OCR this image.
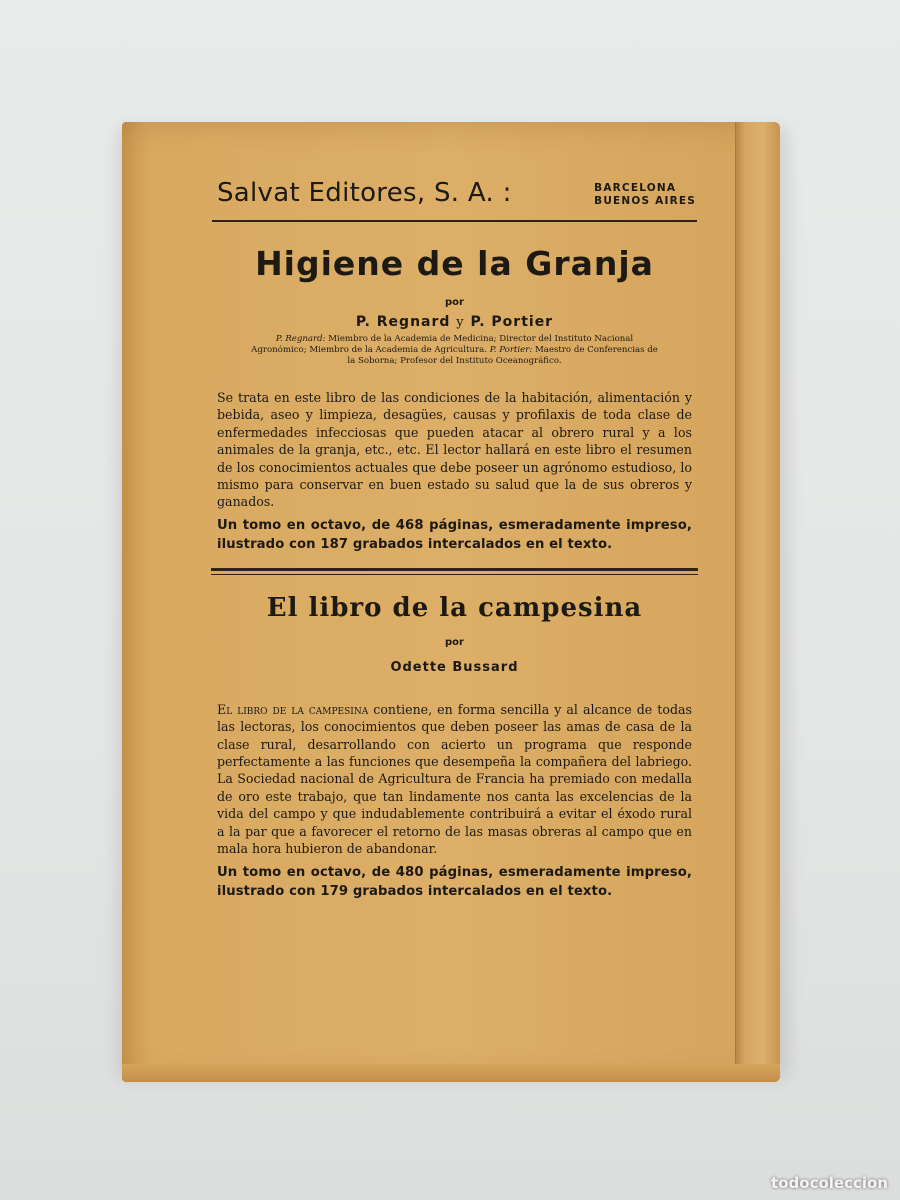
Salvat Editores, S. A. :	BARCELONA
BUENOS AIRES
Higiene de la Granja
por
P. Regnard y P. Portier
P. Regnard: Miembro de la Academia de Medicina; Director del Instituto Nacional Agronómico; Miembro de la Academia de Agricultura. P. Portier: Maestro de Conferencias de la Soborna; Profesor del Instituto Oceanográfico.
Se trata en este libro de las condiciones de la habitación, alimentación y bebida, aseo y limpieza, desagües, causas y profilaxis de toda clase de enfermedades infecciosas que pueden atacar al obrero rural y a los animales de la granja, etc., etc. El lector hallará en este libro el resumen de los conocimientos actuales que debe poseer un agrónomo estudioso, lo mismo para conservar en buen estado su salud que la de sus obreros y ganados.
Un tomo en octavo, de 468 páginas, esmeradamente impreso, ilustrado con 187 grabados intercalados en el texto.
El libro de la campesina
por
Odette Bussard
El libro de la campesina contiene, en forma sencilla y al alcance de todas las lectoras, los conocimientos que deben poseer las amas de casa de la clase rural, desarrollando con acierto un programa que responde perfectamente a las funciones que desempeña la compañera del labriego. La Sociedad nacional de Agricultura de Francia ha premiado con medalla de oro este trabajo, que tan lindamente nos canta las excelencias de la vida del campo y que indudablemente contribuirá a evitar el éxodo rural a la par que a favorecer el retorno de las masas obreras al campo que en mala hora hubieron de abandonar.
Un tomo en octavo, de 480 páginas, esmeradamente impreso, ilustrado con 179 grabados intercalados en el texto.
todocoleccion
